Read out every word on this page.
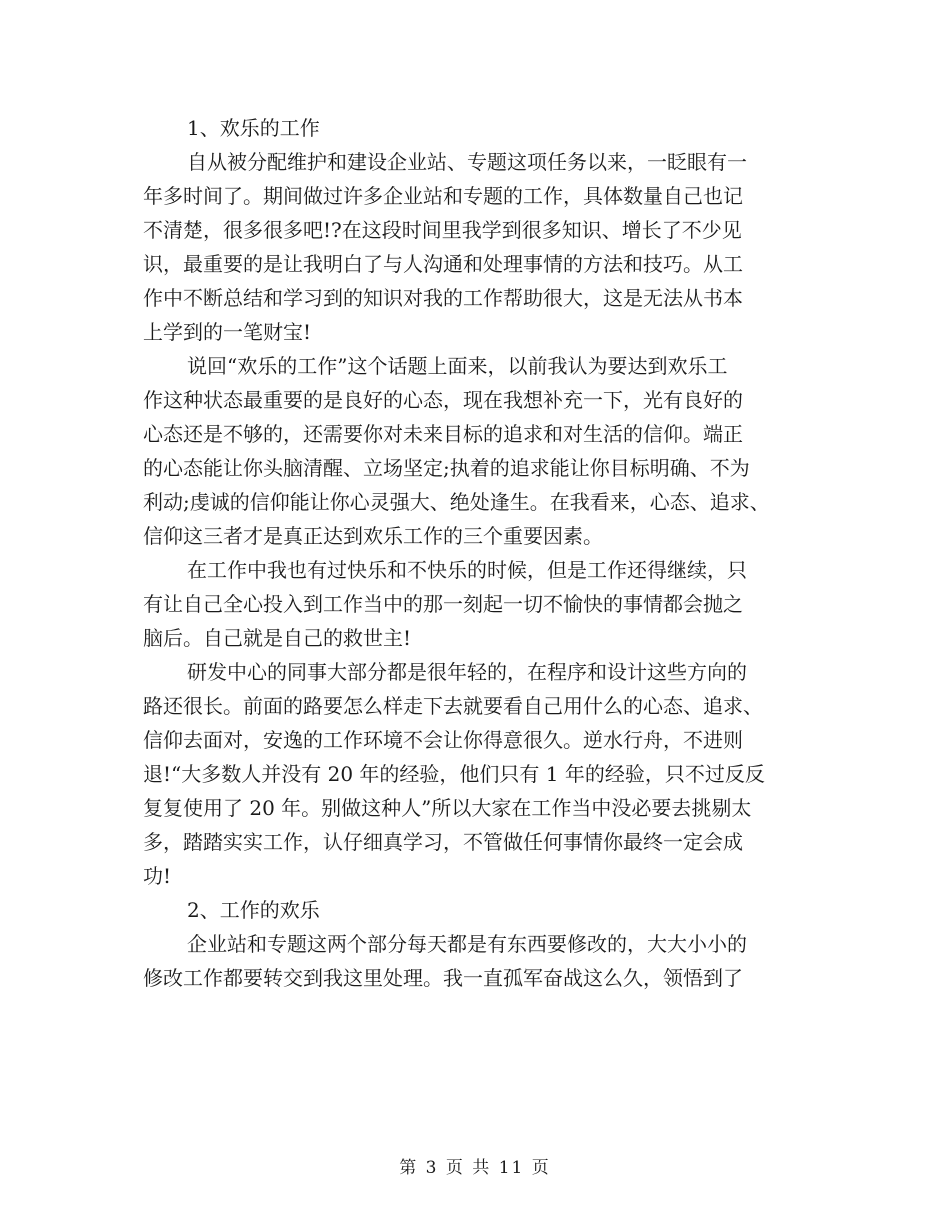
1、欢乐的工作
自从被分配维护和建设企业站、专题这项任务以来，一眨眼有一
年多时间了。期间做过许多企业站和专题的工作，具体数量自己也记
不清楚，很多很多吧!?在这段时间里我学到很多知识、增长了不少见
识，最重要的是让我明白了与人沟通和处理事情的方法和技巧。从工
作中不断总结和学习到的知识对我的工作帮助很大，这是无法从书本
上学到的一笔财宝!
说回“欢乐的工作”这个话题上面来，以前我认为要达到欢乐工
作这种状态最重要的是良好的心态，现在我想补充一下，光有良好的
心态还是不够的，还需要你对未来目标的追求和对生活的信仰。端正
的心态能让你头脑清醒、立场坚定;执着的追求能让你目标明确、不为
利动;虔诚的信仰能让你心灵强大、绝处逢生。在我看来，心态、追求、
信仰这三者才是真正达到欢乐工作的三个重要因素。
在工作中我也有过快乐和不快乐的时候，但是工作还得继续，只
有让自己全心投入到工作当中的那一刻起一切不愉快的事情都会抛之
脑后。自己就是自己的救世主!
研发中心的同事大部分都是很年轻的，在程序和设计这些方向的
路还很长。前面的路要怎么样走下去就要看自己用什么的心态、追求、
信仰去面对，安逸的工作环境不会让你得意很久。逆水行舟，不进则
退!“大多数人并没有 20 年的经验，他们只有 1 年的经验，只不过反反
复复使用了 20 年。别做这种人”所以大家在工作当中没必要去挑剔太
多，踏踏实实工作，认仔细真学习，不管做任何事情你最终一定会成
功!
2、工作的欢乐
企业站和专题这两个部分每天都是有东西要修改的，大大小小的
修改工作都要转交到我这里处理。我一直孤军奋战这么久，领悟到了
第 3 页 共 11 页
